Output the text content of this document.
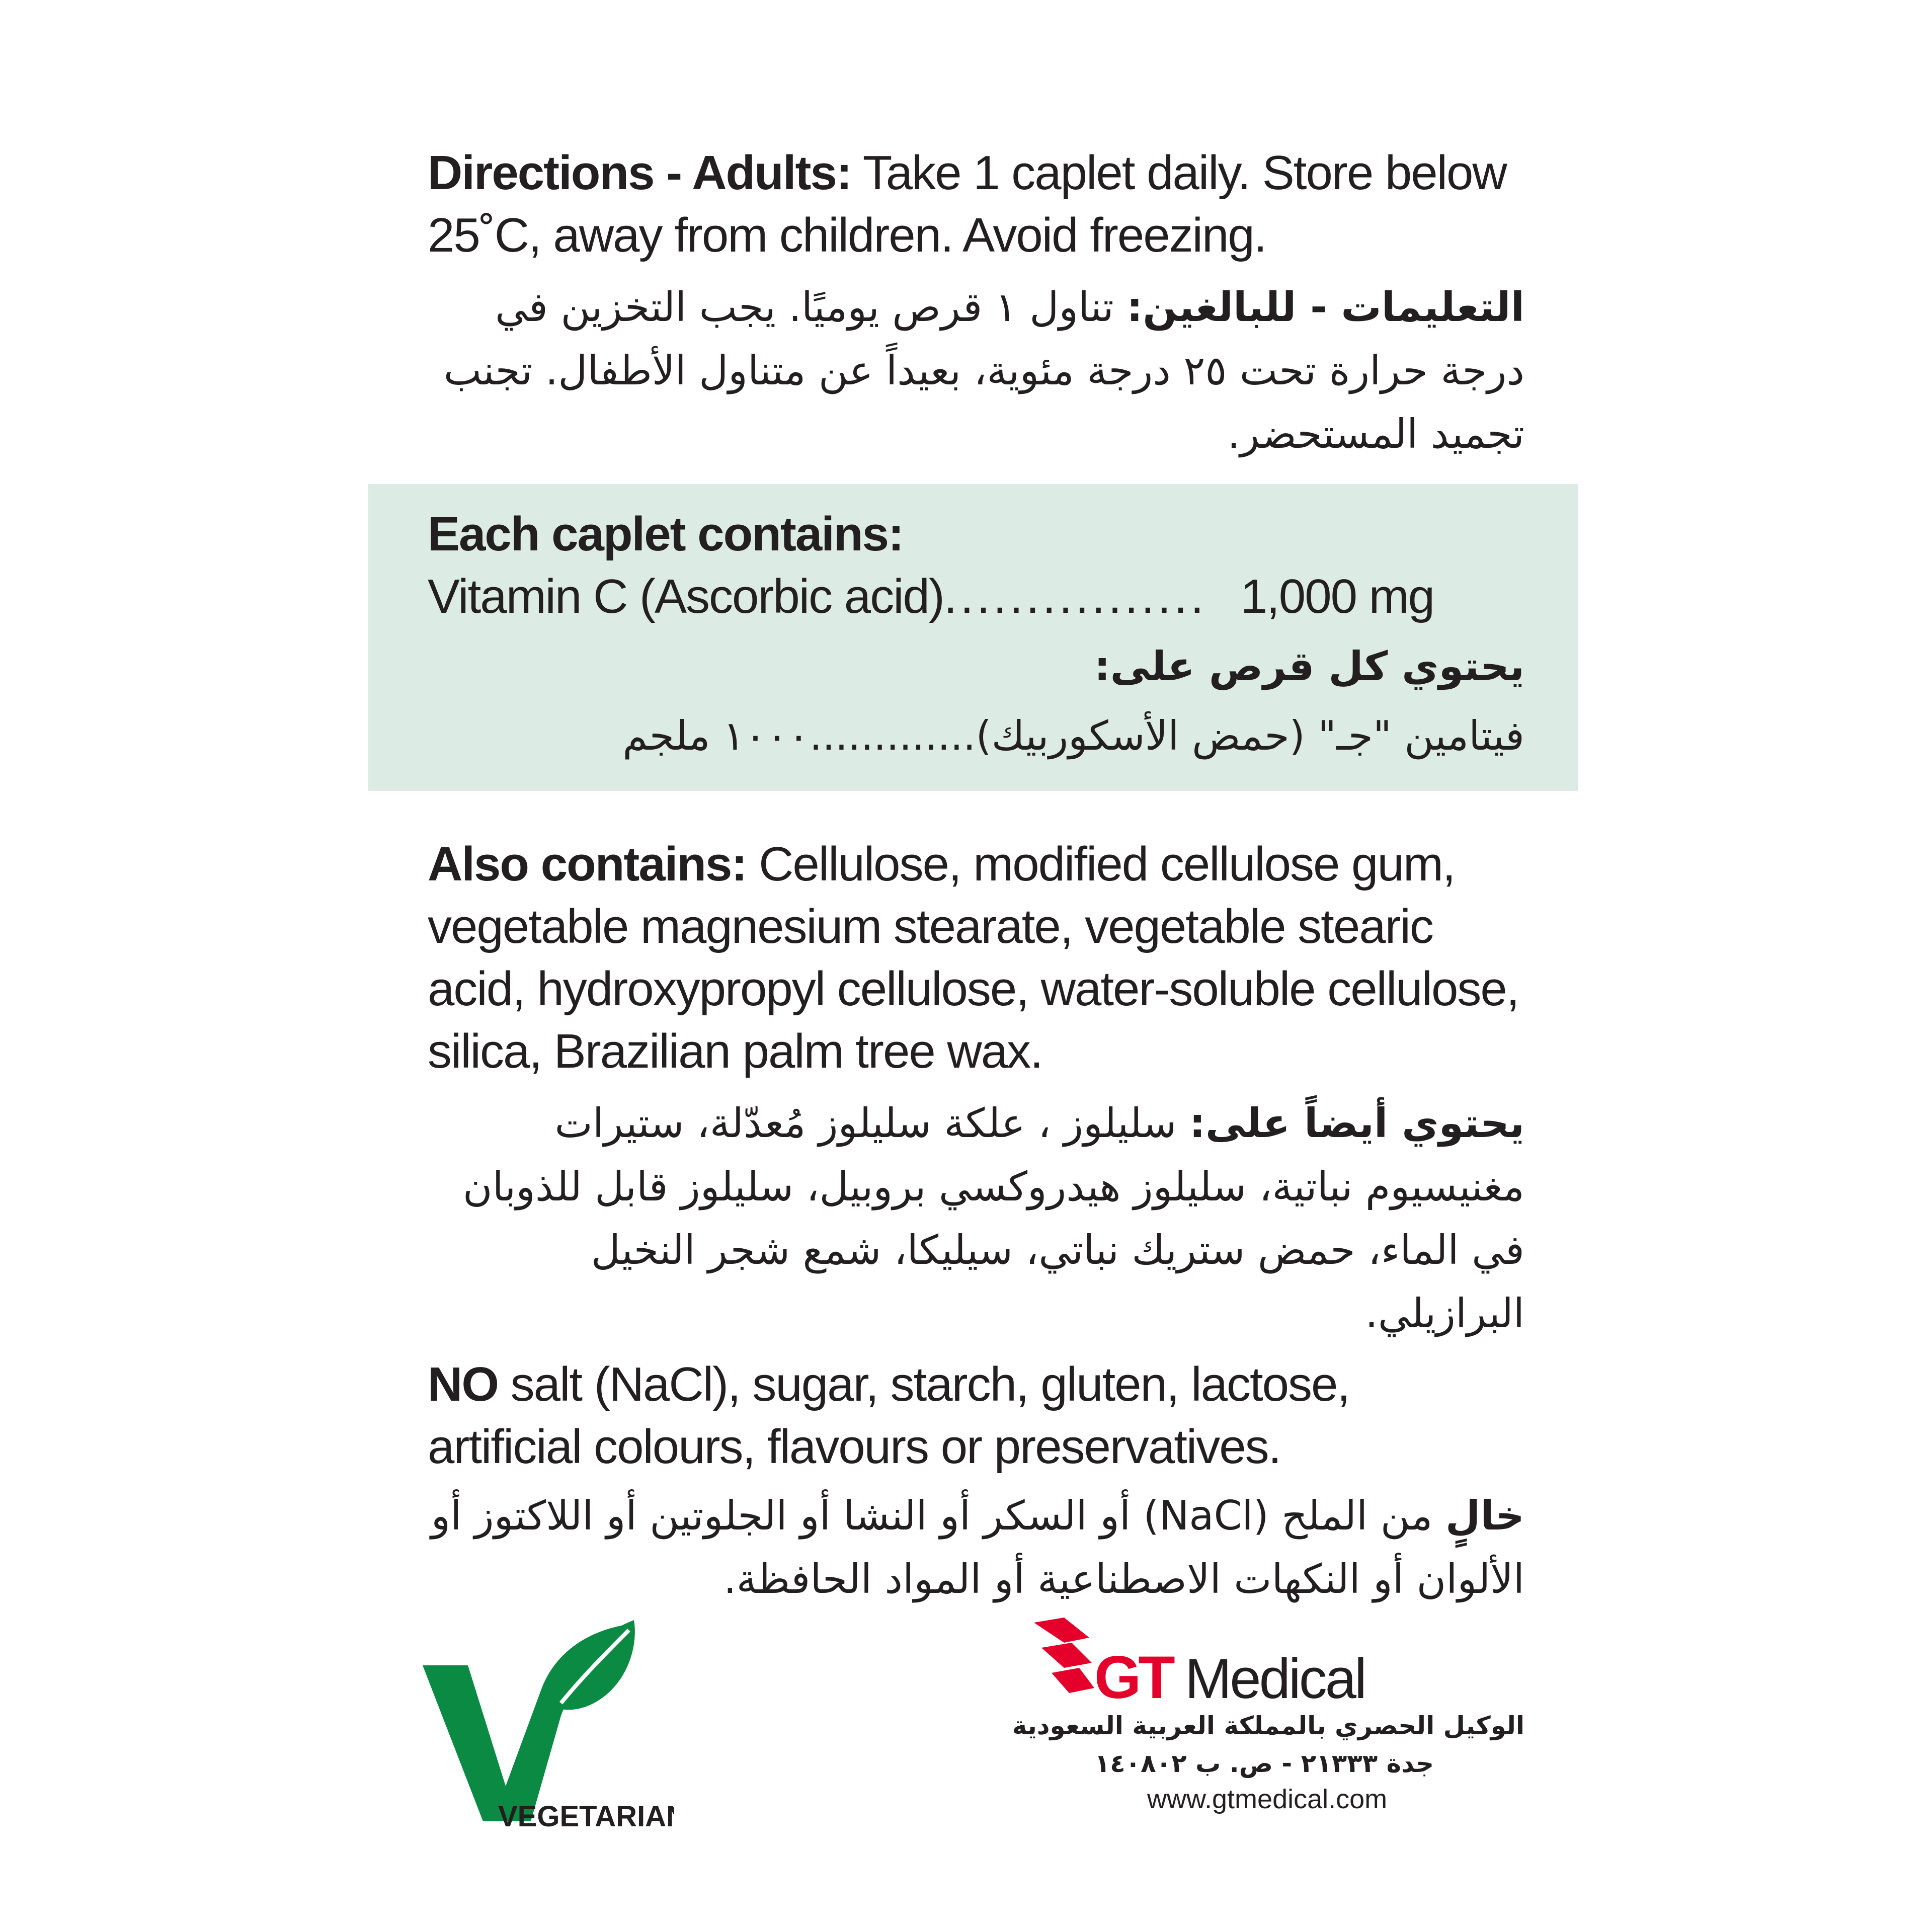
Directions - Adults: Take 1 caplet daily. Store below 25˚C, away from children. Avoid freezing.
التعليمات - للبالغين: تناول ١ قرص يوميًا. يجب التخزين في درجة حرارة تحت ٢٥ درجة مئوية، بعيداً عن متناول الأطفال. تجنب تجميد المستحضر.
Each caplet contains:
Vitamin C (Ascorbic acid)................ 1,000 mg
يحتوي كل قرص على:
فيتامين "جـ" (حمض الأسكوربيك).............١٠٠٠ ملجم
Also contains: Cellulose, modified cellulose gum, vegetable magnesium stearate, vegetable stearic acid, hydroxypropyl cellulose, water-soluble cellulose, silica, Brazilian palm tree wax.
يحتوي أيضاً على: سليلوز ، علكة سليلوز مُعدّلة، ستيرات مغنيسيوم نباتية، سليلوز هيدروكسي بروبيل، سليلوز قابل للذوبان في الماء، حمض ستريك نباتي، سيليكا، شمع شجر النخيل البرازيلي.
NO salt (NaCl), sugar, starch, gluten, lactose, artificial colours, flavours or preservatives.
خالٍ من الملح (NaCl) أو السكر أو النشا أو الجلوتين أو اللاكتوز أو الألوان أو النكهات الاصطناعية أو المواد الحافظة.
VEGETARIAN
GT Medical
الوكيل الحصري بالمملكة العربية السعودية
جدة ٢١٣٣٣ - ص. ب ١٤٠٨٠٢
www.gtmedical.com
